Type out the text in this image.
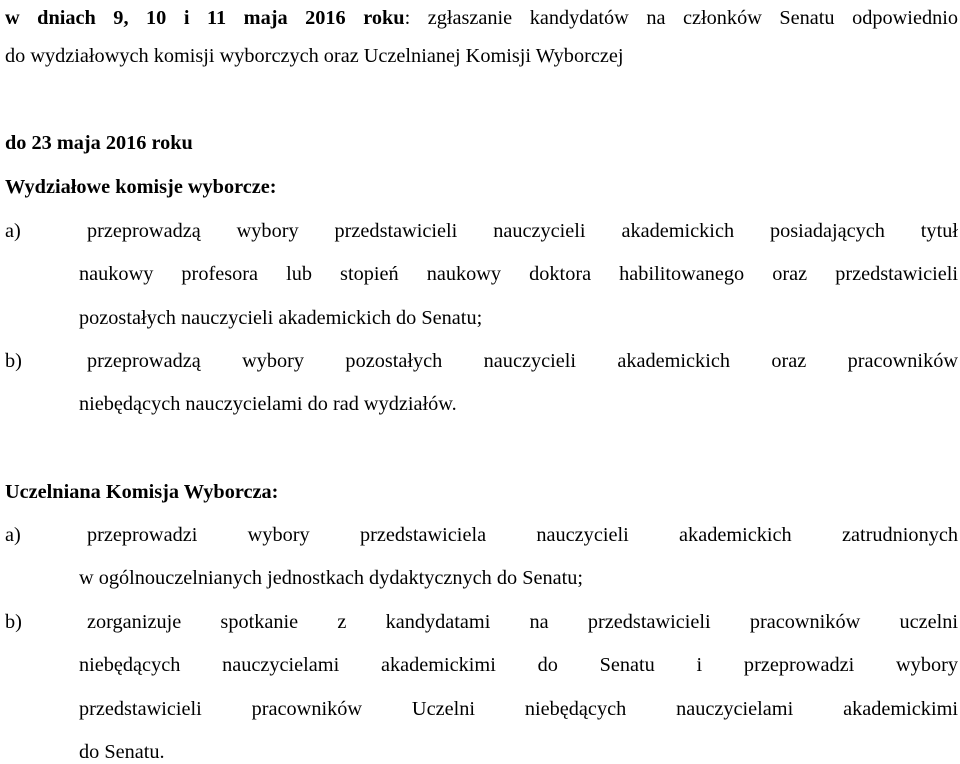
w dniach 9, 10 i 11 maja 2016 roku: zgłaszanie kandydatów na członków Senatu odpowiednio
do wydziałowych komisji wyborczych oraz Uczelnianej Komisji Wyborczej
do 23 maja 2016 roku
Wydziałowe komisje wyborcze:
a)	przeprowadzą wybory przedstawicieli nauczycieli akademickich posiadających tytuł
naukowy profesora lub stopień naukowy doktora habilitowanego oraz przedstawicieli
pozostałych nauczycieli akademickich do Senatu;
b)	przeprowadzą wybory pozostałych nauczycieli akademickich oraz pracowników
niebędących nauczycielami do rad wydziałów.
Uczelniana Komisja Wyborcza:
a)	przeprowadzi wybory przedstawiciela nauczycieli akademickich zatrudnionych
w ogólnouczelnianych jednostkach dydaktycznych do Senatu;
b)	zorganizuje spotkanie z kandydatami na przedstawicieli pracowników uczelni
niebędących nauczycielami akademickimi do Senatu i przeprowadzi wybory
przedstawicieli pracowników Uczelni niebędących nauczycielami akademickimi
do Senatu.
